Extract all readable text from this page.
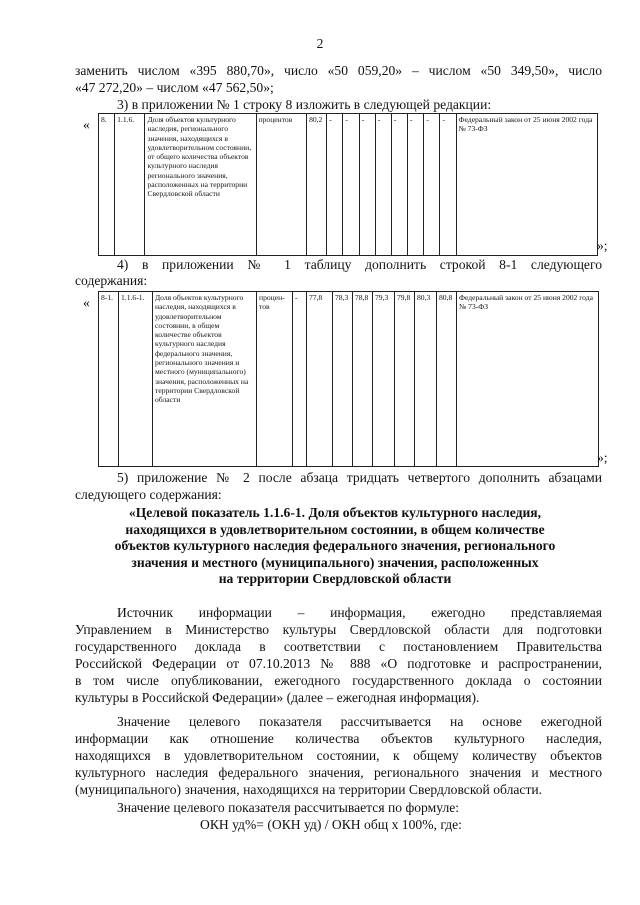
2
заменить числом «395 880,70», число «50 059,20» – числом «50 349,50», число
«47 272,20» – числом «47 562,50»;
3) в приложении № 1 строку 8 изложить в следующей редакции:
« 8.	1.1.6.	Доля объектов культурного наследия, регионального значения, находящихся в удовлетворительном состоянии, от общего количества объектов культурного наследия регионального значения, расположенных на территории Свердловской области	процентов	80,2	-	-	-	-	-	-	-	-	Федеральный закон от 25 июня 2002 года № 73-ФЗ
»;
4) в приложении № 1 таблицу дополнить строкой 8-1 следующего
содержания:
« 8-1.	1.1.6-1.	Доля объектов культурного наследия, находящихся в удовлетворительном состоянии, в общем количестве объектов культурного наследия федерального значения, регионального значения и местного (муниципального) значения, расположенных на территории Свердловской области	процен-тов	-	77,8	78,3	78,8	79,3	79,8	80,3	80,8	Федеральный закон от 25 июня 2002 года № 73-ФЗ
»;
5) приложение № 2 после абзаца тридцать четвертого дополнить абзацами
следующего содержания:
«Целевой показатель 1.1.6-1. Доля объектов культурного наследия,
находящихся в удовлетворительном состоянии, в общем количестве
объектов культурного наследия федерального значения, регионального
значения и местного (муниципального) значения, расположенных
на территории Свердловской области
Источник информации – информация, ежегодно представляемая
Управлением в Министерство культуры Свердловской области для подготовки
государственного доклада в соответствии с постановлением Правительства
Российской Федерации от 07.10.2013 № 888 «О подготовке и распространении,
в том числе опубликовании, ежегодного государственного доклада о состоянии
культуры в Российской Федерации» (далее – ежегодная информация).
Значение целевого показателя рассчитывается на основе ежегодной
информации как отношение количества объектов культурного наследия,
находящихся в удовлетворительном состоянии, к общему количеству объектов
культурного наследия федерального значения, регионального значения и местного
(муниципального) значения, находящихся на территории Свердловской области.
Значение целевого показателя рассчитывается по формуле:
ОКН уд%= (ОКН уд) / ОКН общ x 100%, где:
